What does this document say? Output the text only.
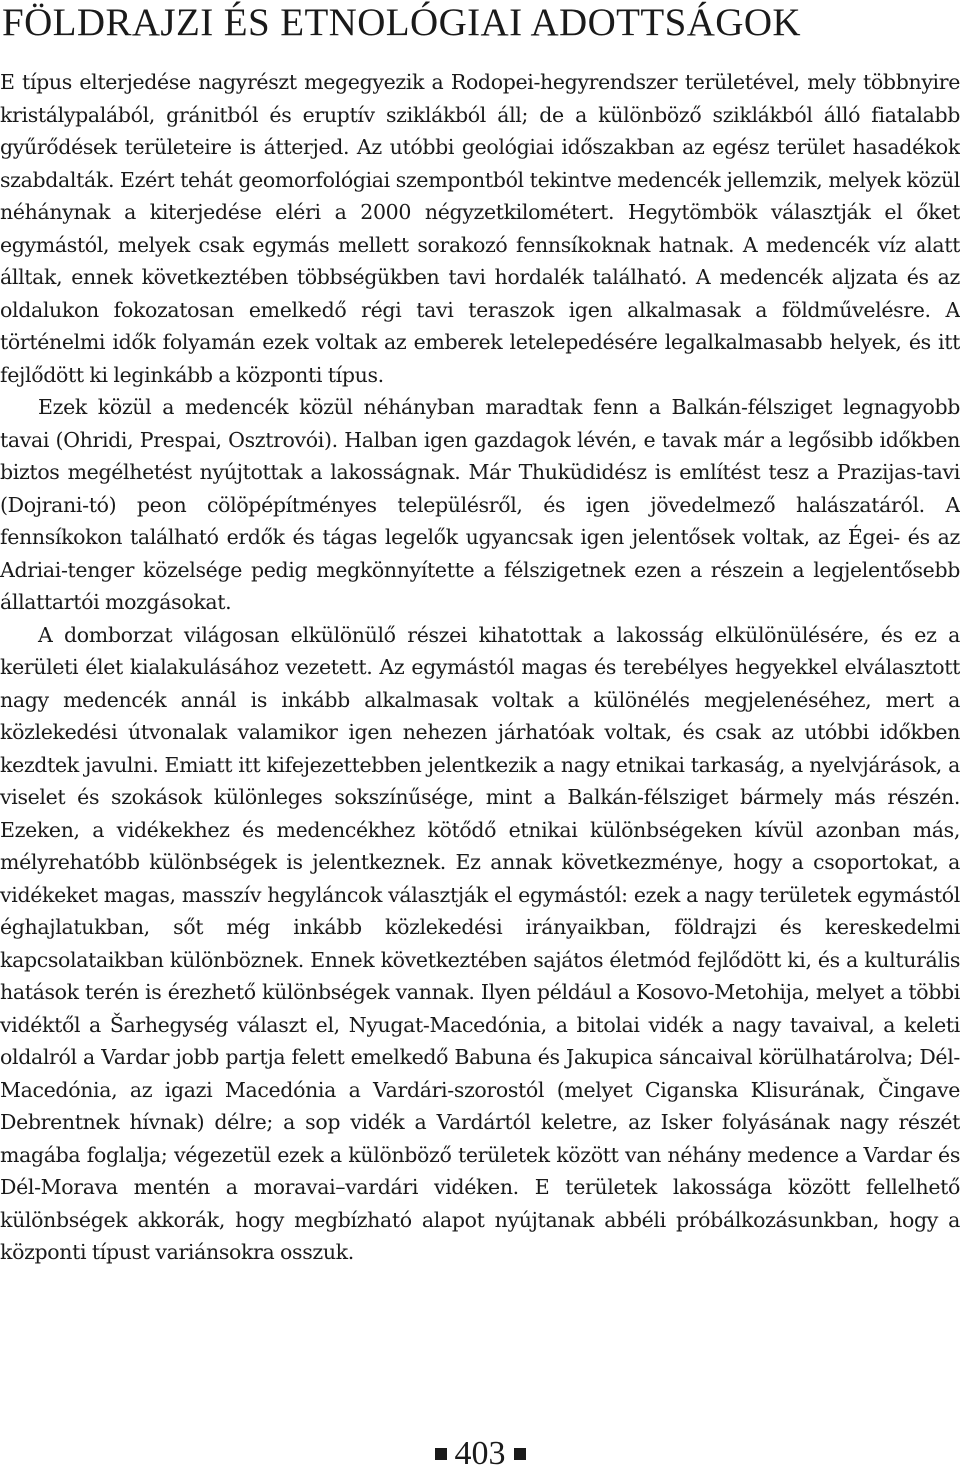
FÖLDRAJZI ÉS ETNOLÓGIAI ADOTTSÁGOK

E típus elterjedése nagyrészt megegyezik a Rodopei-hegyrendszer területével, mely többnyire kristálypalából, gránitból és eruptív sziklákból áll; de a különböző sziklákból álló fiatalabb gyűrődések területeire is átterjed. Az utóbbi geológiai időszakban az egész terület hasadékok szabdalták. Ezért tehát geomorfológiai szempontból tekintve medencék jellemzik, melyek közül néhánynak a kiterjedése eléri a 2000 négyzetkilométert. Hegytömbök választják el őket egymástól, melyek csak egymás mellett sorakozó fennsíkoknak hatnak. A medencék víz alatt álltak, ennek következtében többségükben tavi hordalék található. A medencék aljzata és az oldalukon fokozatosan emelkedő régi tavi teraszok igen alkalmasak a földművelésre. A történelmi idők folyamán ezek voltak az emberek letelepedésére legalkalmasabb helyek, és itt fejlődött ki leginkább a központi típus.

Ezek közül a medencék közül néhányban maradtak fenn a Balkán-félsziget legnagyobb tavai (Ohridi, Prespai, Osztrovói). Halban igen gazdagok lévén, e tavak már a legősibb időkben biztos megélhetést nyújtottak a lakosságnak. Már Thuküdidész is említést tesz a Prazijas-tavi (Dojrani-tó) peon cölöpépítményes településről, és igen jövedelmező halászatáról. A fennsíkokon található erdők és tágas legelők ugyancsak igen jelentősek voltak, az Égei- és az Adriai-tenger közelsége pedig megkönnyítette a félszigetnek ezen a részein a legjelentősebb állattartói mozgásokat.

A domborzat világosan elkülönülő részei kihatottak a lakosság elkülönülésére, és ez a kerületi élet kialakulásához vezetett. Az egymástól magas és terebélyes hegyekkel elválasztott nagy medencék annál is inkább alkalmasak voltak a különélés megjelenéséhez, mert a közlekedési útvonalak valamikor igen nehezen járhatóak voltak, és csak az utóbbi időkben kezdtek javulni. Emiatt itt kifejezettebben jelentkezik a nagy etnikai tarkaság, a nyelvjárások, a viselet és szokások különleges sokszínűsége, mint a Balkán-félsziget bármely más részén. Ezeken, a vidékekhez és medencékhez kötődő etnikai különbségeken kívül azonban más, mélyrehatóbb különbségek is jelentkeznek. Ez annak következménye, hogy a csoportokat, a vidékeket magas, masszív hegyláncok választják el egymástól: ezek a nagy területek egymástól éghajlatukban, sőt még inkább közlekedési irányaikban, földrajzi és kereskedelmi kapcsolataikban különböznek. Ennek következtében sajátos életmód fejlődött ki, és a kulturális hatások terén is érezhető különbségek vannak. Ilyen például a Kosovo-Metohija, melyet a többi vidéktől a Šarhegység választ el, Nyugat-Macedónia, a bitolai vidék a nagy tavaival, a keleti oldalról a Vardar jobb partja felett emelkedő Babuna és Jakupica sáncaival körülhatárolva; Dél-Macedónia, az igazi Macedónia a Vardári-szorostól (melyet Ciganska Klisurának, Čingave Debrentnek hívnak) délre; a sop vidék a Vardártól keletre, az Isker folyásának nagy részét magába foglalja; végezetül ezek a különböző területek között van néhány medence a Vardar és Dél-Morava mentén a moravai–vardári vidéken. E területek lakossága között fellelhető különbségek akkorák, hogy megbízható alapot nyújtanak abbéli próbálkozásunkban, hogy a központi típust variánsokra osszuk.

403
